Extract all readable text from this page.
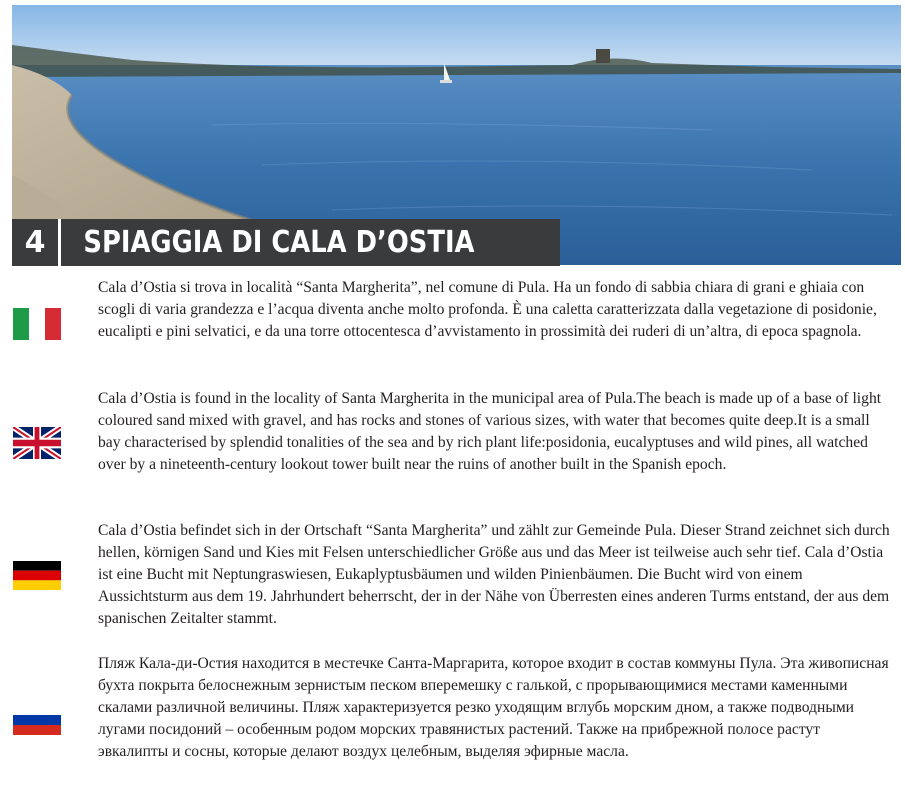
4	SPIAGGIA DI CALA D’OSTIA

Cala d’Ostia si trova in località “Santa Margherita”, nel comune di Pula. Ha un fondo di sabbia chiara di grani e ghiaia con scogli di varia grandezza e l’acqua diventa anche molto profonda. È una caletta caratterizzata dalla vegetazione di posidonie, eucalipti e pini selvatici, e da una torre ottocentesca d’avvistamento in prossimità dei ruderi di un’altra, di epoca spagnola.

Cala d’Ostia is found in the locality of Santa Margherita in the municipal area of Pula.The beach is made up of a base of light coloured sand mixed with gravel, and has rocks and stones of various sizes, with water that becomes quite deep.It is a small bay characterised by splendid tonalities of the sea and by rich plant life:posidonia, eucalyptuses and wild pines, all watched over by a nineteenth-century lookout tower built near the ruins of another built in the Spanish epoch.

Cala d’Ostia befindet sich in der Ortschaft “Santa Margherita” und zählt zur Gemeinde Pula. Dieser Strand zeichnet sich durch hellen, körnigen Sand und Kies mit Felsen unterschiedlicher Größe aus und das Meer ist teilweise auch sehr tief. Cala d’Ostia ist eine Bucht mit Neptungraswiesen, Eukaplyptusbäumen und wilden Pinienbäumen. Die Bucht wird von einem Aussichtsturm aus dem 19. Jahrhundert beherrscht, der in der Nähe von Überresten eines anderen Turms entstand, der aus dem spanischen Zeitalter stammt.

Пляж Кала-ди-Остия находится в местечке Санта-Маргарита, которое входит в состав коммуны Пула. Эта живописная бухта покрыта белоснежным зернистым песком вперемешку с галькой, с прорывающимися местами каменными скалами различной величины. Пляж характеризуется резко уходящим вглубь морским дном, а также подводными лугами посидоний – особенным родом морских травянистых растений. Также на прибрежной полосе растут эвкалипты и сосны, которые делают воздух целебным, выделяя эфирные масла.
